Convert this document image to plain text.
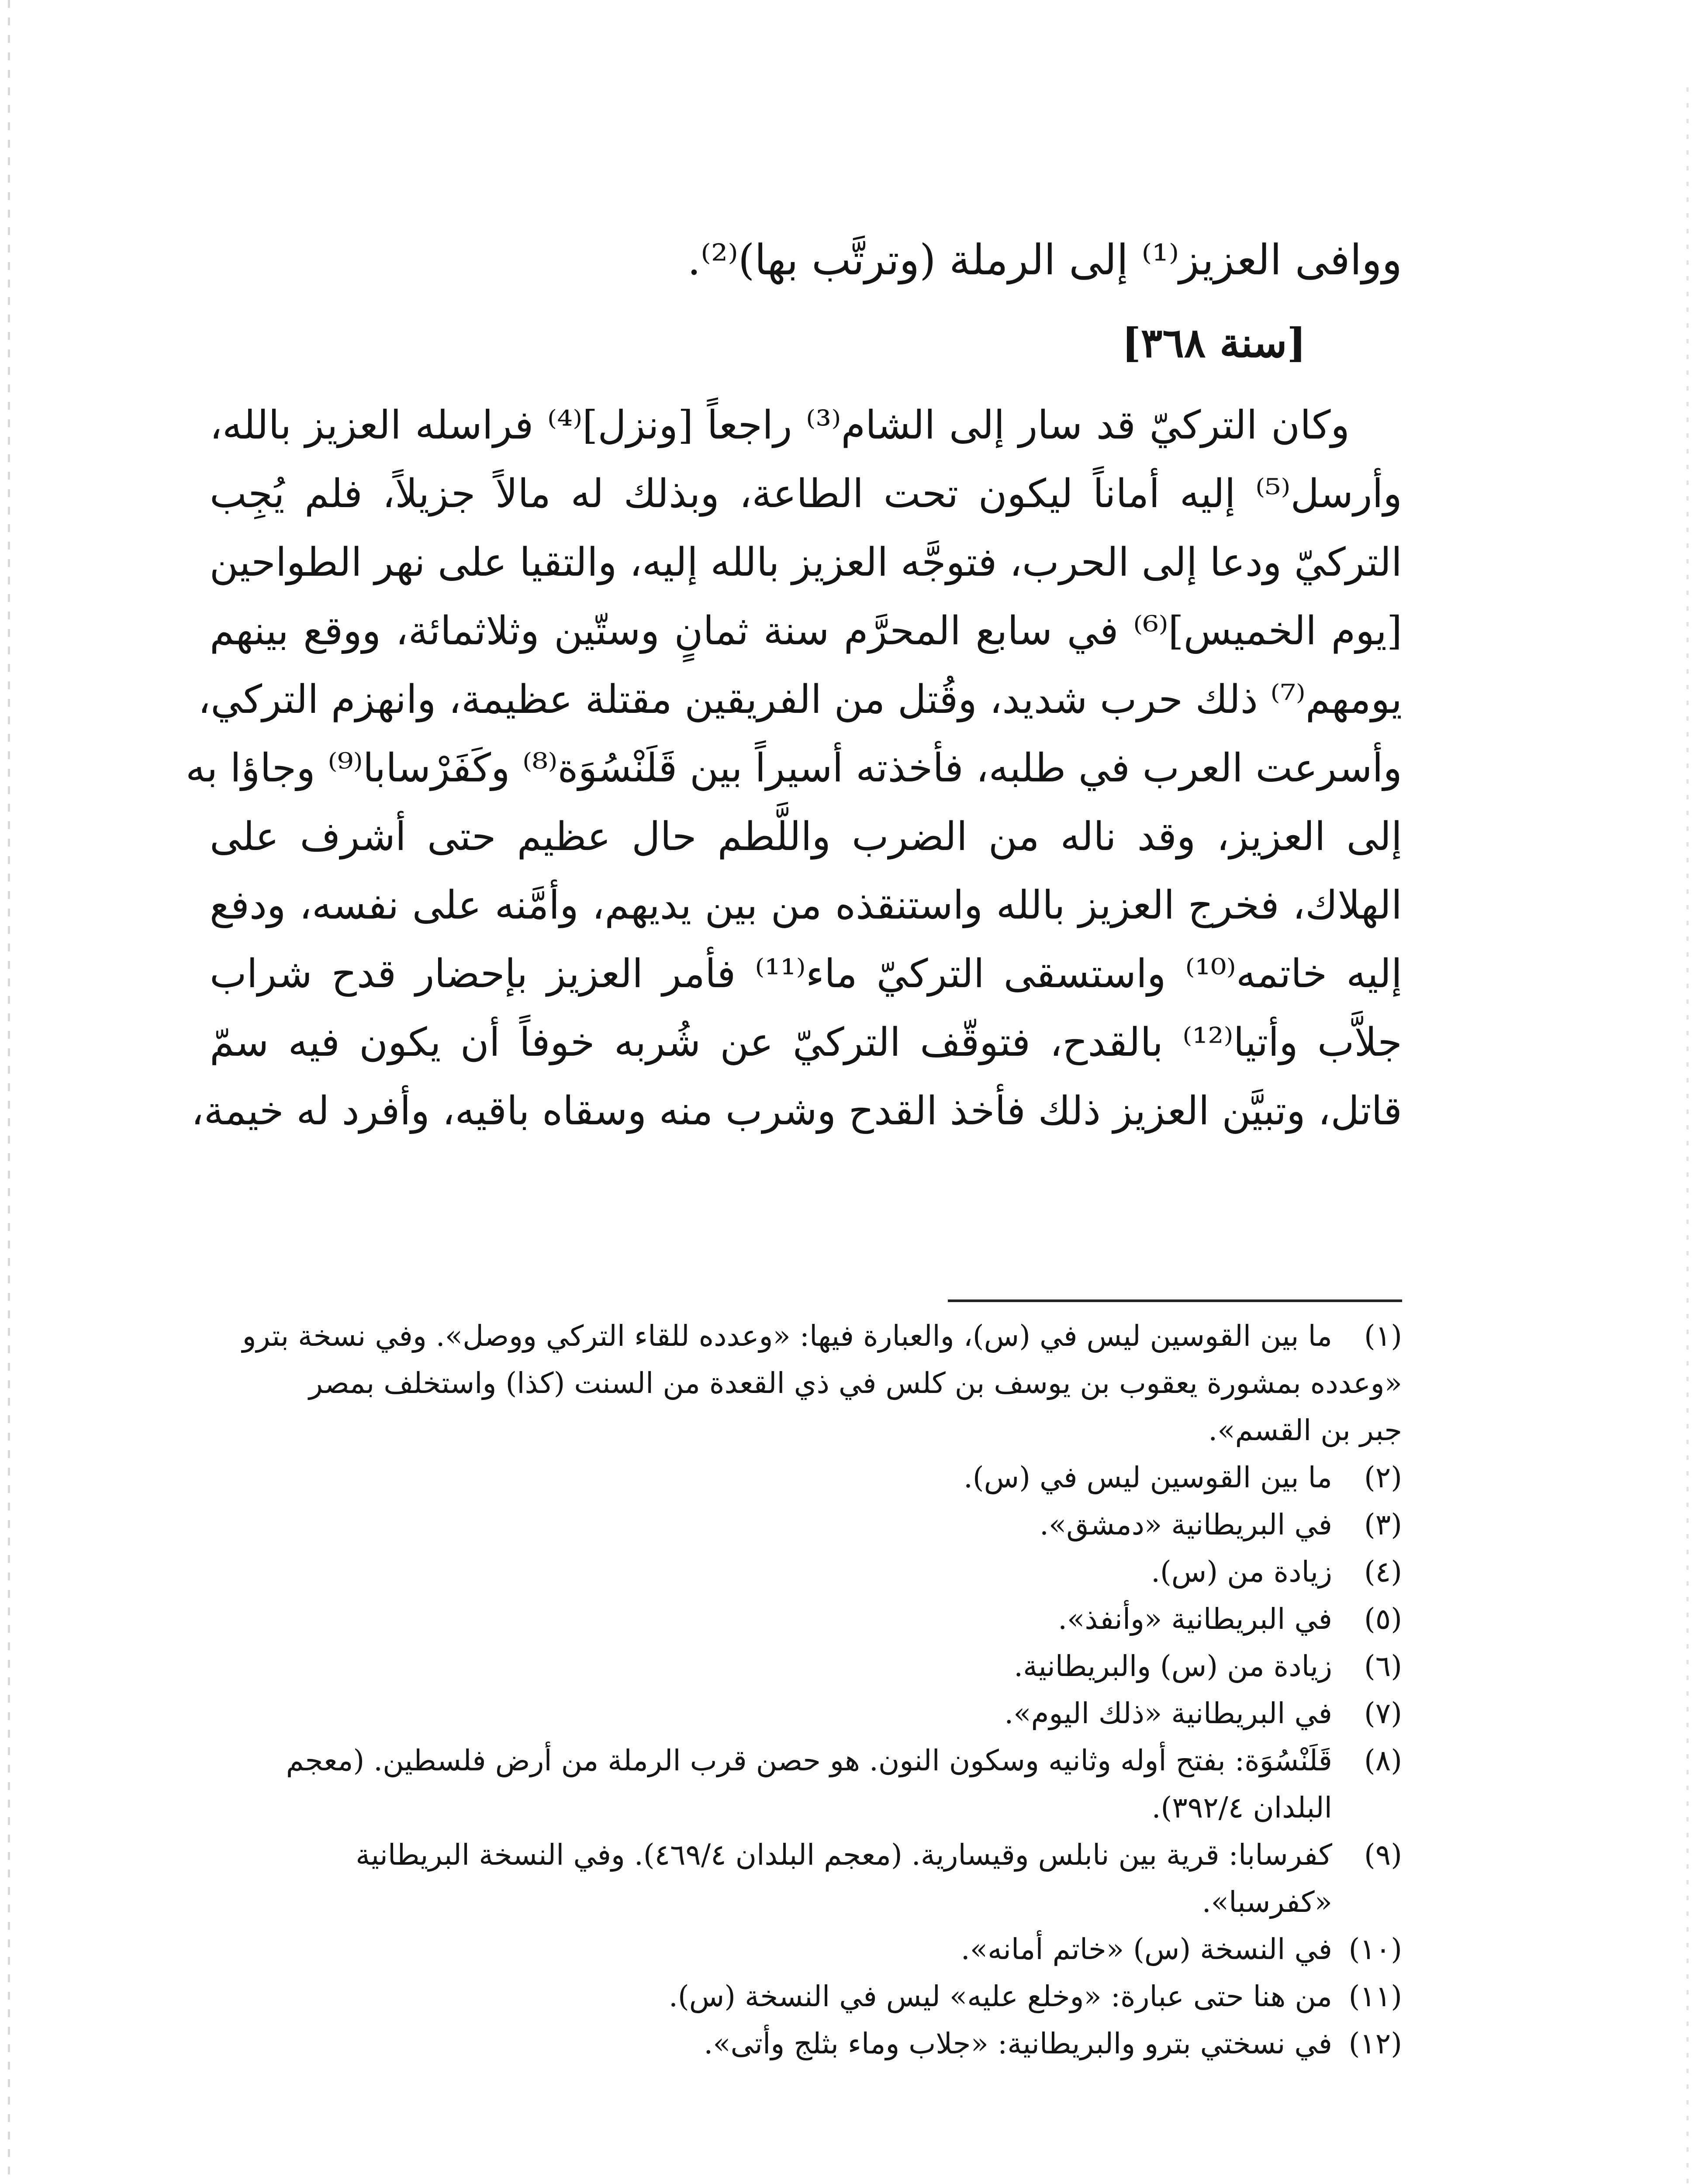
ووافى العزيز⁽¹⁾ إلى الرملة (وترتَّب بها)⁽²⁾.
[سنة ٣٦٨]
وكان التركيّ قد سار إلى الشام⁽³⁾ راجعاً [ونزل]⁽⁴⁾ فراسله العزيز بالله،
وأرسل⁽⁵⁾ إليه أماناً ليكون تحت الطاعة، وبذلك له مالاً جزيلاً، فلم يُجِب
التركيّ ودعا إلى الحرب، فتوجَّه العزيز بالله إليه، والتقيا على نهر الطواحين
[يوم الخميس]⁽⁶⁾ في سابع المحرَّم سنة ثمانٍ وستّين وثلاثمائة، ووقع بينهم
يومهم⁽⁷⁾ ذلك حرب شديد، وقُتل من الفريقين مقتلة عظيمة، وانهزم التركي،
وأسرعت العرب في طلبه، فأخذته أسيراً بين قَلَنْسُوَة⁽⁸⁾ وكَفَرْسابا⁽⁹⁾ وجاؤا به
إلى العزيز، وقد ناله من الضرب واللَّطم حال عظيم حتى أشرف على
الهلاك، فخرج العزيز بالله واستنقذه من بين يديهم، وأمَّنه على نفسه، ودفع
إليه خاتمه⁽¹⁰⁾ واستسقى التركيّ ماء⁽¹¹⁾ فأمر العزيز بإحضار قدح شراب
جلاَّب وأتيا⁽¹²⁾ بالقدح، فتوقّف التركيّ عن شُربه خوفاً أن يكون فيه سمّ
قاتل، وتبيَّن العزيز ذلك فأخذ القدح وشرب منه وسقاه باقيه، وأفرد له خيمة،
(١)
ما بين القوسين ليس في (س)، والعبارة فيها: «وعدده للقاء التركي ووصل». وفي نسخة بترو
«وعدده بمشورة يعقوب بن يوسف بن كلس في ذي القعدة من السنت (كذا) واستخلف بمصر
جبر بن القسم».
(٢)
ما بين القوسين ليس في (س).
(٣)
في البريطانية «دمشق».
(٤)
زيادة من (س).
(٥)
في البريطانية «وأنفذ».
(٦)
زيادة من (س) والبريطانية.
(٧)
في البريطانية «ذلك اليوم».
(٨)
قَلَنْسُوَة: بفتح أوله وثانيه وسكون النون. هو حصن قرب الرملة من أرض فلسطين. (معجم
البلدان ٣٩٢/٤).
(٩)
كفرسابا: قرية بين نابلس وقيسارية. (معجم البلدان ٤٦٩/٤). وفي النسخة البريطانية
«كفرسبا».
(١٠)
في النسخة (س) «خاتم أمانه».
(١١)
من هنا حتى عبارة: «وخلع عليه» ليس في النسخة (س).
(١٢)
في نسختي بترو والبريطانية: «جلاب وماء بثلج وأتى».
